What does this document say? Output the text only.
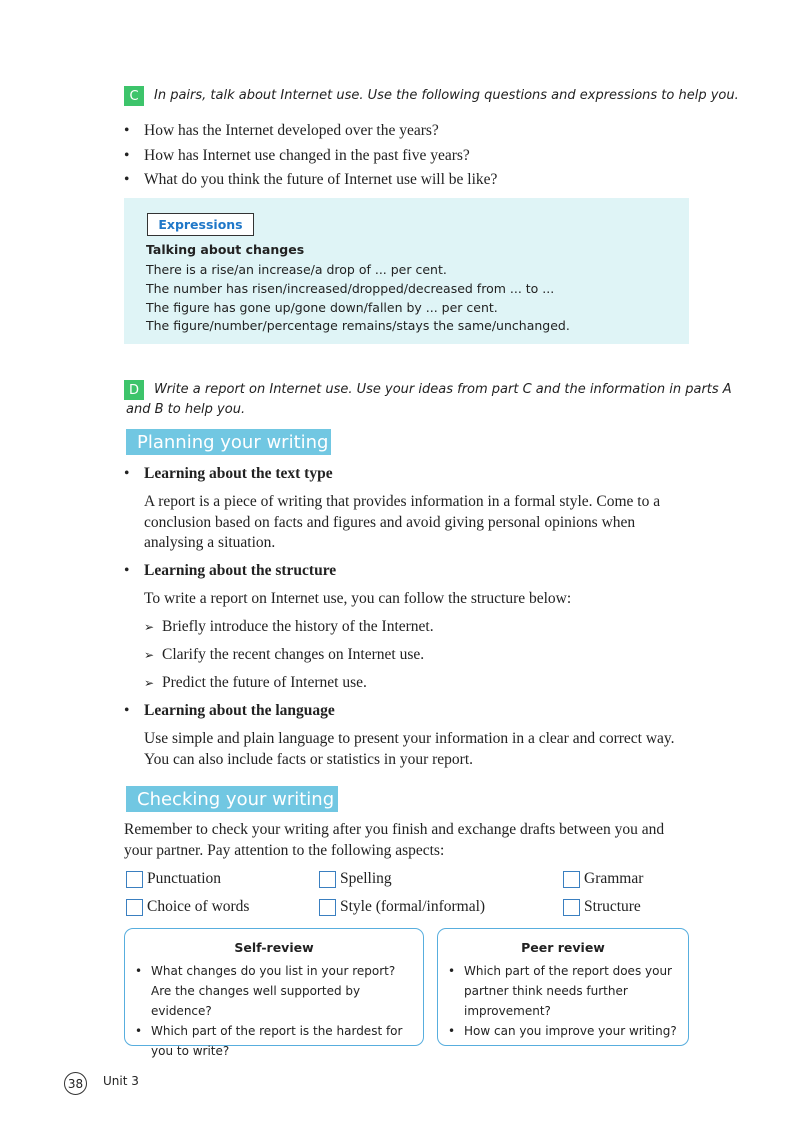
C	In pairs, talk about Internet use. Use the following questions and expressions to help you.
• How has the Internet developed over the years?
• How has Internet use changed in the past five years?
• What do you think the future of Internet use will be like?
Expressions
Talking about changes
There is a rise/an increase/a drop of ... per cent.
The number has risen/increased/dropped/decreased from ... to ...
The figure has gone up/gone down/fallen by ... per cent.
The figure/number/percentage remains/stays the same/unchanged.
D	Write a report on Internet use. Use your ideas from part C and the information in parts A
and B to help you.
Planning your writing
• Learning about the text type
A report is a piece of writing that provides information in a formal style. Come to a conclusion based on facts and figures and avoid giving personal opinions when analysing a situation.
• Learning about the structure
To write a report on Internet use, you can follow the structure below:
➢ Briefly introduce the history of the Internet.
➢ Clarify the recent changes on Internet use.
➢ Predict the future of Internet use.
• Learning about the language
Use simple and plain language to present your information in a clear and correct way. You can also include facts or statistics in your report.
Checking your writing
Remember to check your writing after you finish and exchange drafts between you and your partner. Pay attention to the following aspects:
Punctuation	Spelling	Grammar
Choice of words	Style (formal/informal)	Structure
Self-review
• What changes do you list in your report? Are the changes well supported by evidence?
• Which part of the report is the hardest for you to write?
Peer review
• Which part of the report does your partner think needs further improvement?
• How can you improve your writing?
38	Unit 3
